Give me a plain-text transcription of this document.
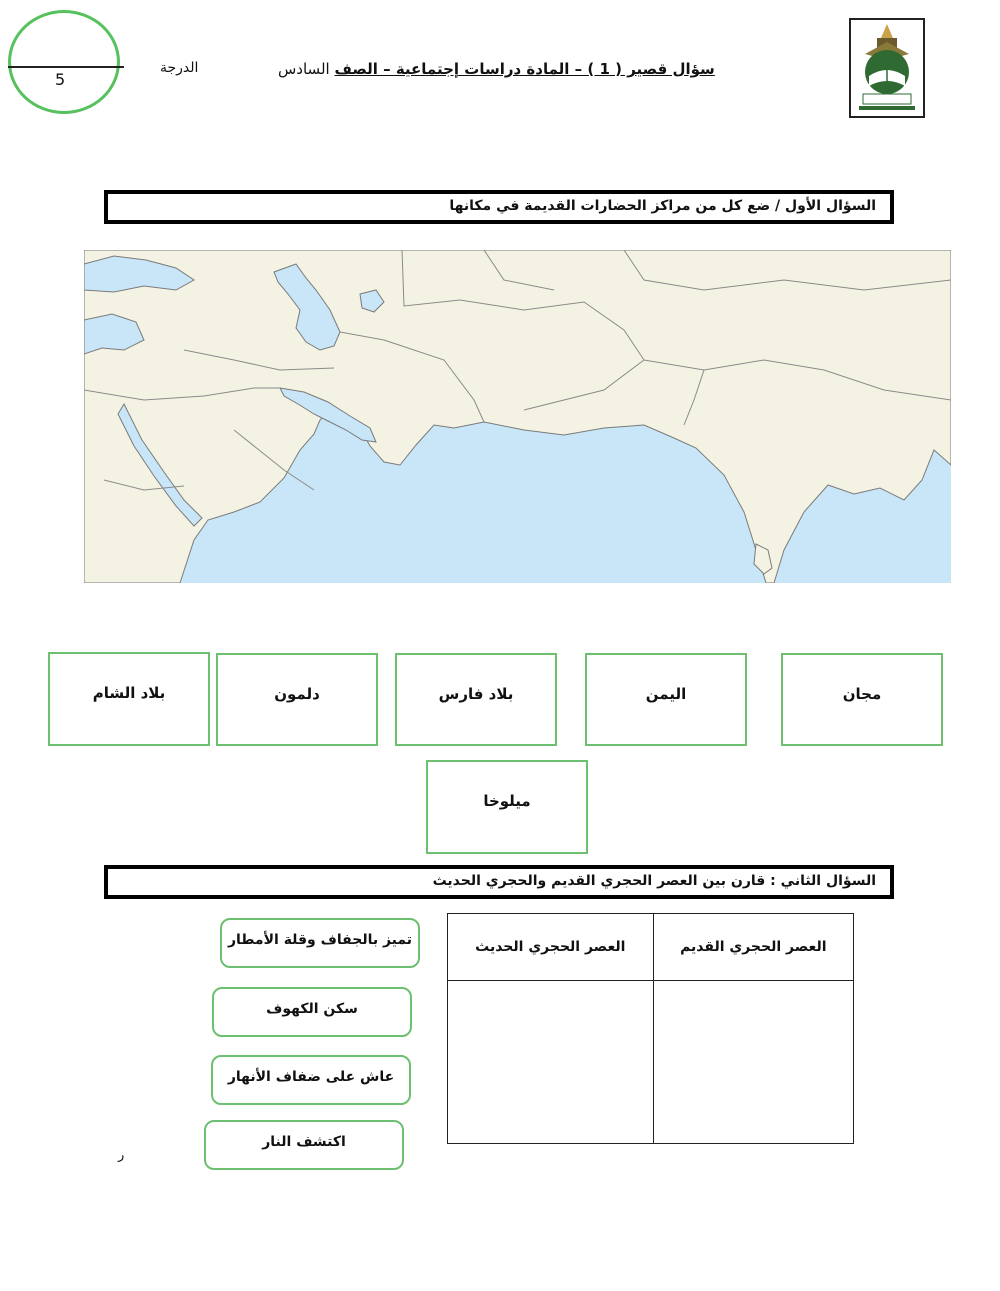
5
الدرجة	سؤال قصير ( 1 ) – المادة دراسات إجتماعية – الصف السادس
السؤال الأول / ضع كل من مراكز الحضارات القديمة في مكانها
بلاد الشام	دلمون	بلاد فارس	اليمن	مجان
ميلوخا
السؤال الثاني : قارن بين العصر الحجري القديم والحجري الحديث
العصر الحجري القديم	العصر الحجري الحديث

تميز بالجفاف وقلة الأمطار
سكن الكهوف
عاش على ضفاف الأنهار
اكتشف النار
ر
